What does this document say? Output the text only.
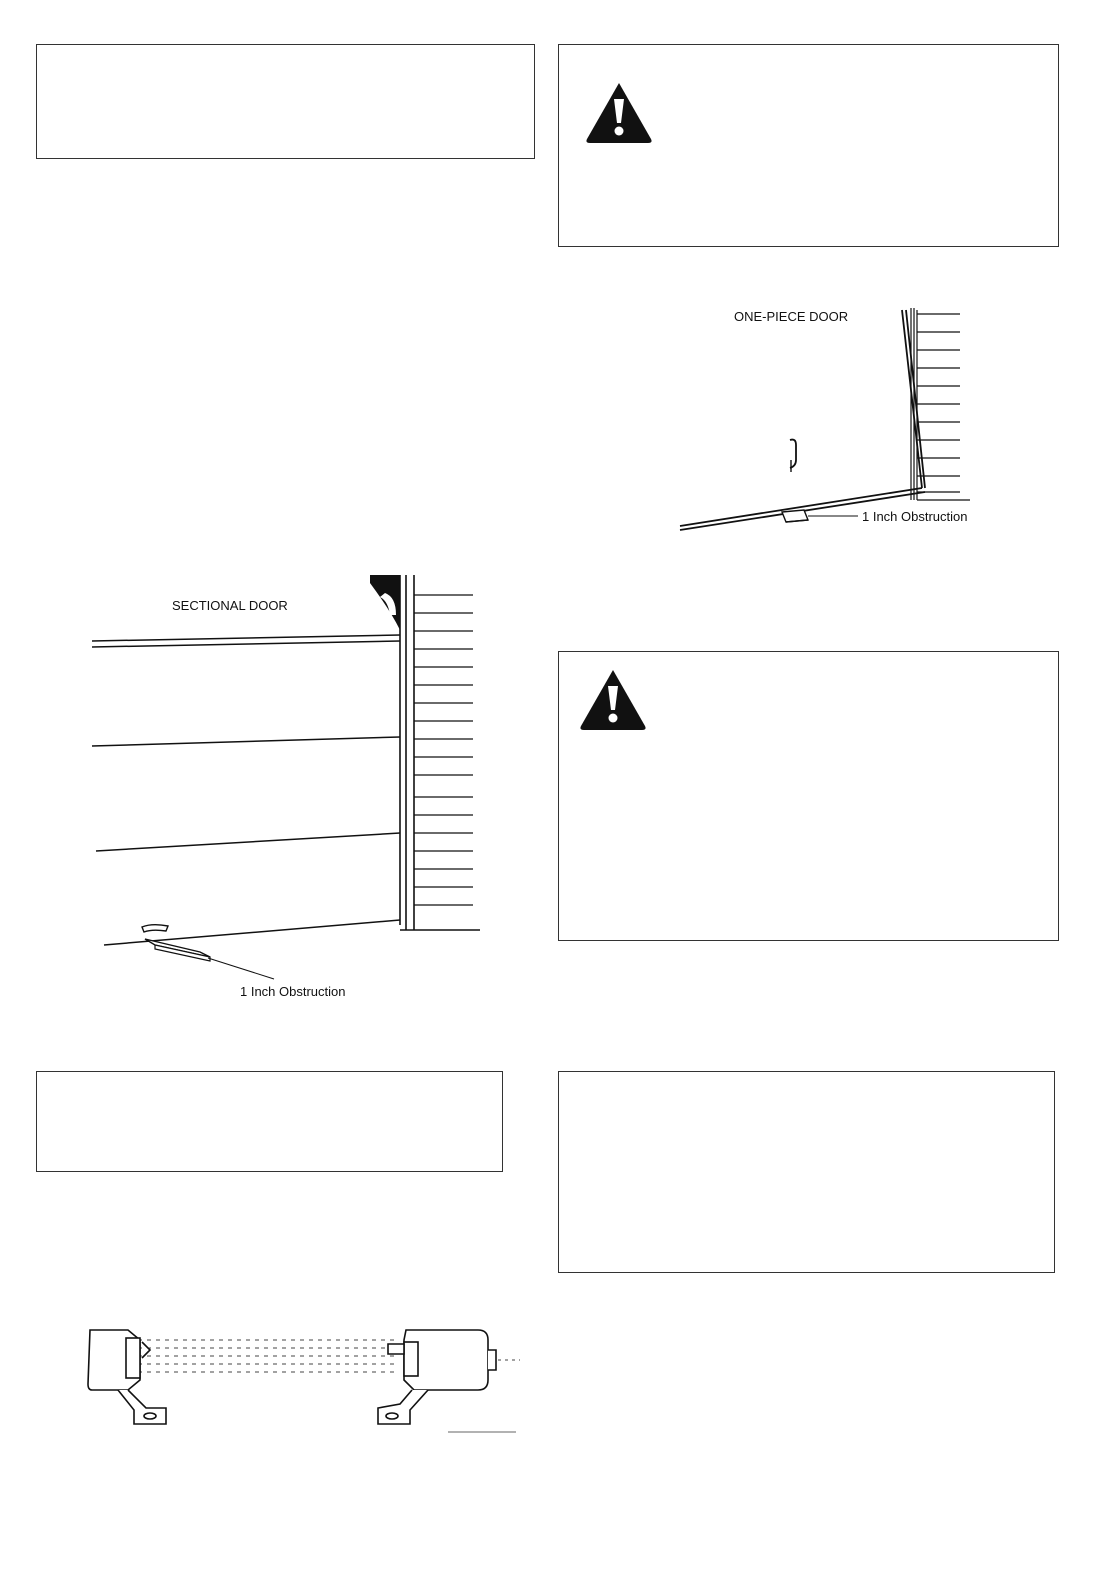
ONE-PIECE DOOR
1 Inch Obstruction
SECTIONAL DOOR
1 Inch Obstruction
